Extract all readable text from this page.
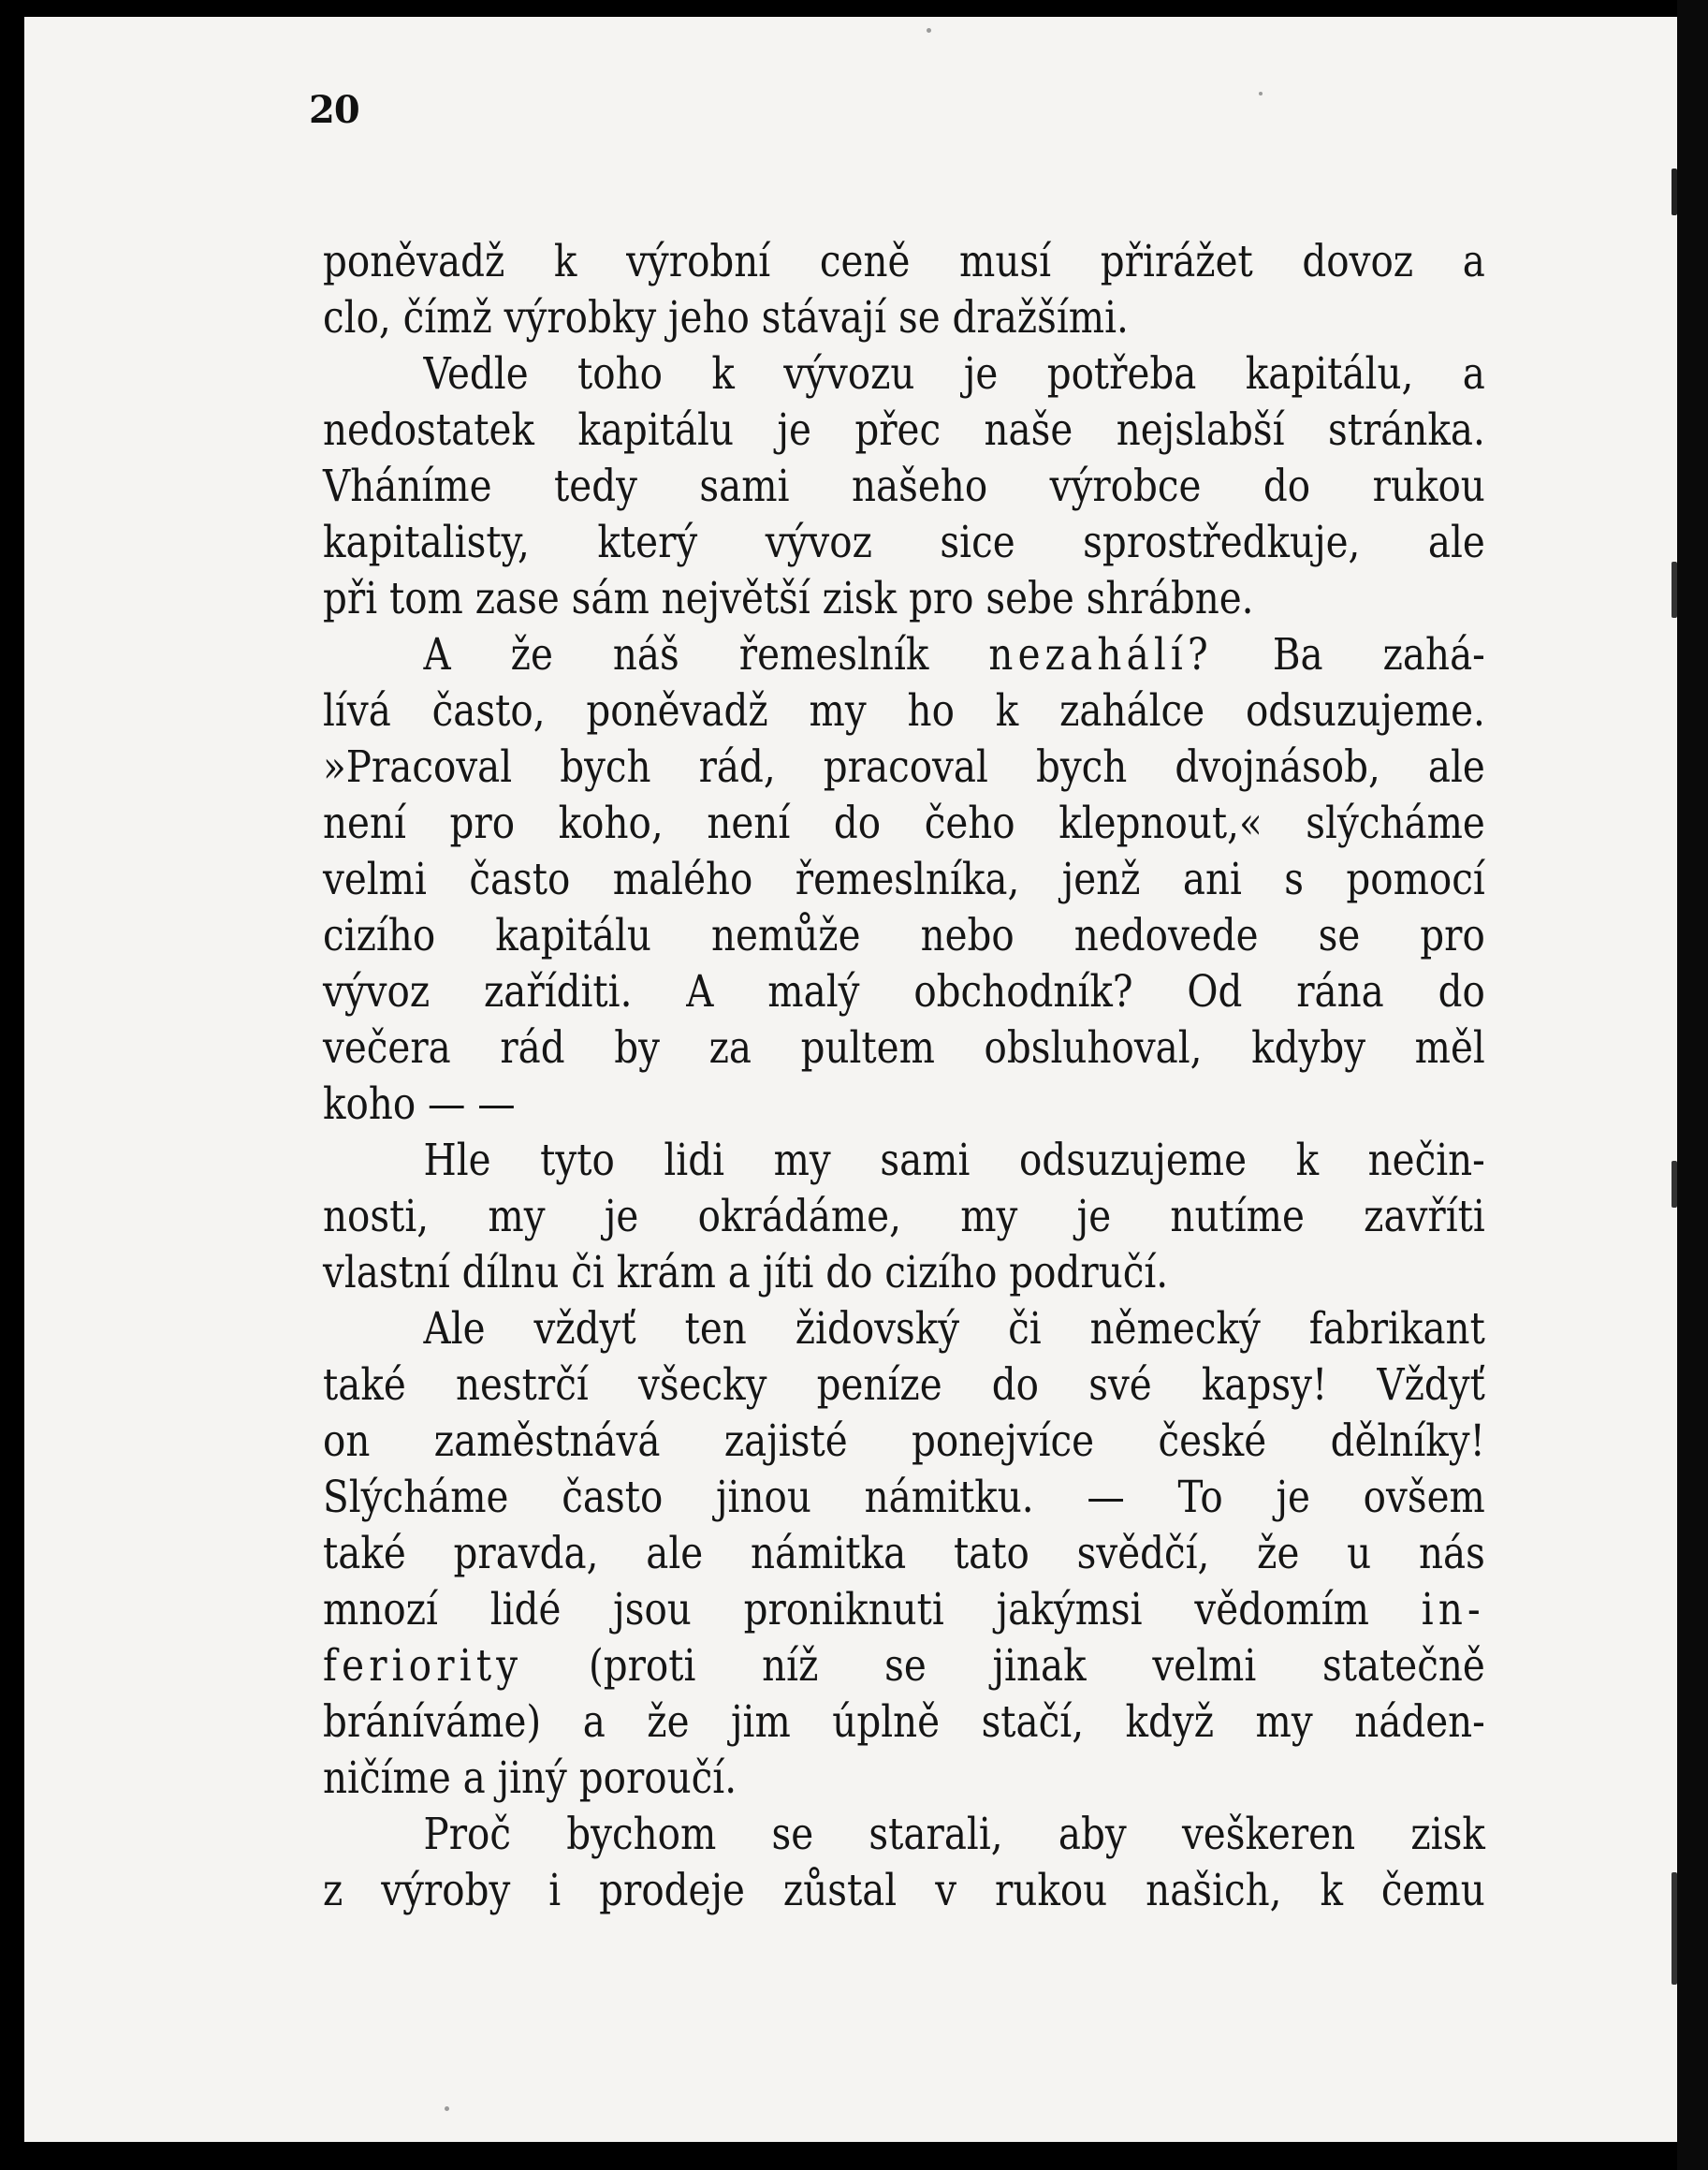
20
poněvadž k výrobní ceně musí přirážet dovoz a
clo, čímž výrobky jeho stávají se dražšími.
Vedle toho k vývozu je potřeba kapitálu, a
nedostatek kapitálu je přec naše nejslabší stránka.
Vháníme tedy sami našeho výrobce do rukou
kapitalisty, který vývoz sice sprostředkuje, ale
při tom zase sám největší zisk pro sebe shrábne.
A že náš řemeslník nezahálí? Ba zahá-
lívá často, poněvadž my ho k zahálce odsuzujeme.
»Pracoval bych rád, pracoval bych dvojnásob, ale
není pro koho, není do čeho klepnout,« slýcháme
velmi často malého řemeslníka, jenž ani s pomocí
cizího kapitálu nemůže nebo nedovede se pro
vývoz zaříditi. A malý obchodník? Od rána do
večera rád by za pultem obsluhoval, kdyby měl
koho — —
Hle tyto lidi my sami odsuzujeme k nečin-
nosti, my je okrádáme, my je nutíme zavříti
vlastní dílnu či krám a jíti do cizího područí.
Ale vždyť ten židovský či německý fabrikant
také nestrčí všecky peníze do své kapsy! Vždyť
on zaměstnává zajisté ponejvíce české dělníky!
Slýcháme často jinou námitku. — To je ovšem
také pravda, ale námitka tato svědčí, že u nás
mnozí lidé jsou proniknuti jakýmsi vědomím in-
feriority (proti níž se jinak velmi statečně
bráníváme) a že jim úplně stačí, když my náden-
ničíme a jiný poroučí.
Proč bychom se starali, aby veškeren zisk
z výroby i prodeje zůstal v rukou našich, k čemu
